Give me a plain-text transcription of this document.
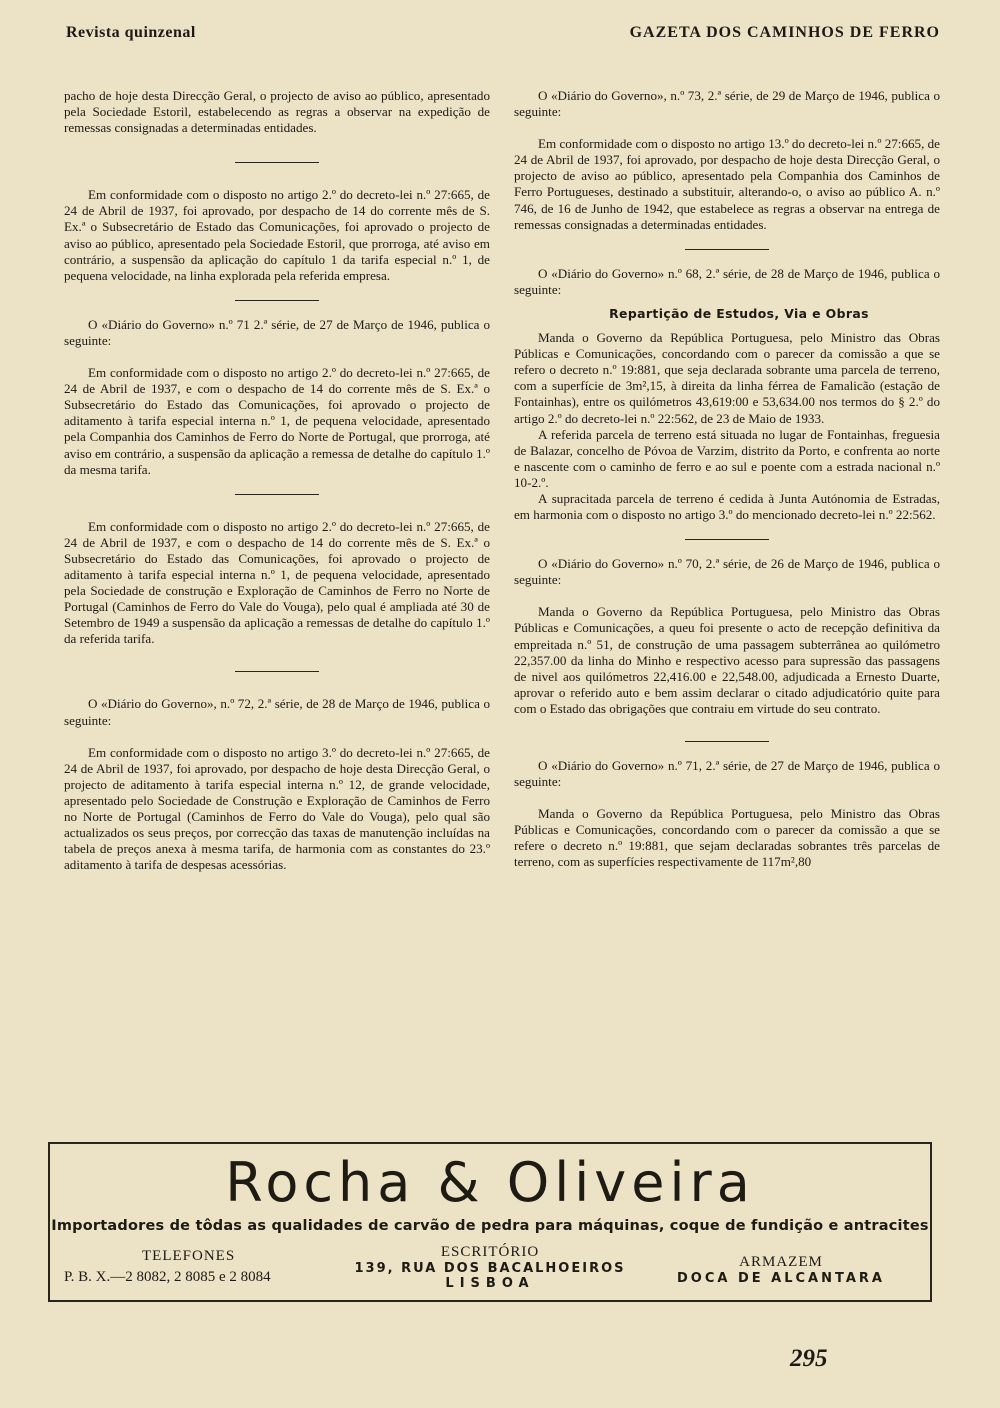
Revista quinzenal	GAZETA DOS CAMINHOS DE FERRO

pacho de hoje desta Direcção Geral, o projecto de aviso ao público, apresentado pela Sociedade Estoril, estabelecendo as regras a observar na expedição de remessas consignadas a determinadas entidades.

Em conformidade com o disposto no artigo 2.º do decreto-lei n.º 27:665, de 24 de Abril de 1937, foi aprovado, por despacho de 14 do corrente mês de S. Ex.ª o Subsecretário de Estado das Comunicações, foi aprovado o projecto de aviso ao público, apresentado pela Sociedade Estoril, que prorroga, até aviso em contrário, a suspensão da aplicação do capítulo 1 da tarifa especial n.º 1, de pequena velocidade, na linha explorada pela referida empresa.

O «Diário do Governo» n.º 71 2.ª série, de 27 de Março de 1946, publica o seguinte:

Em conformidade com o disposto no artigo 2.º do decreto-lei n.º 27:665, de 24 de Abril de 1937, e com o despacho de 14 do corrente mês de S. Ex.ª o Subsecretário do Estado das Comunicações, foi aprovado o projecto de aditamento à tarifa especial interna n.º 1, de pequena velocidade, apresentado pela Companhia dos Caminhos de Ferro do Norte de Portugal, que prorroga, até aviso em contrário, a suspensão da aplicação a remessa de detalhe do capítulo 1.º da mesma tarifa.

Em conformidade com o disposto no artigo 2.º do decreto-lei n.º 27:665, de 24 de Abril de 1937, e com o despacho de 14 do corrente mês de S. Ex.ª o Subsecretário do Estado das Comunicações, foi aprovado o projecto de aditamento à tarifa especial interna n.º 1, de pequena velocidade, apresentado pela Sociedade de construção e Exploração de Caminhos de Ferro no Norte de Portugal (Caminhos de Ferro do Vale do Vouga), pelo qual é ampliada até 30 de Setembro de 1949 a suspensão da aplicação a remessas de detalhe do capítulo 1.º da referida tarifa.

O «Diário do Governo», n.º 72, 2.ª série, de 28 de Março de 1946, publica o seguinte:

Em conformidade com o disposto no artigo 3.º do decreto-lei n.º 27:665, de 24 de Abril de 1937, foi aprovado, por despacho de hoje desta Direcção Geral, o projecto de aditamento à tarifa especial interna n.º 12, de grande velocidade, apresentado pelo Sociedade de Construção e Exploração de Caminhos de Ferro no Norte de Portugal (Caminhos de Ferro do Vale do Vouga), pelo qual são actualizados os seus preços, por correcção das taxas de manutenção incluídas na tabela de preços anexa à mesma tarifa, de harmonia com as constantes do 23.º aditamento à tarifa de despesas acessórias.

O «Diário do Governo», n.º 73, 2.ª série, de 29 de Março de 1946, publica o seguinte:

Em conformidade com o disposto no artigo 13.º do decreto-lei n.º 27:665, de 24 de Abril de 1937, foi aprovado, por despacho de hoje desta Direcção Geral, o projecto de aviso ao público, apresentado pela Companhia dos Caminhos de Ferro Portugueses, destinado a substituir, alterando-o, o aviso ao público A. n.º 746, de 16 de Junho de 1942, que estabelece as regras a observar na entrega de remessas consignadas a determinadas entidades.

O «Diário do Governo» n.º 68, 2.ª série, de 28 de Março de 1946, publica o seguinte:

Repartição de Estudos, Via e Obras

Manda o Governo da República Portuguesa, pelo Ministro das Obras Públicas e Comunicações, concordando com o parecer da comissão a que se refero o decreto n.º 19:881, que seja declarada sobrante uma parcela de terreno, com a superfície de 3m²,15, à direita da linha férrea de Famalicão (estação de Fontainhas), entre os quilómetros 43,619:00 e 53,634.00 nos termos do § 2.º do artigo 2.º do decreto-lei n.º 22:562, de 23 de Maio de 1933.

A referida parcela de terreno está situada no lugar de Fontainhas, freguesia de Balazar, concelho de Póvoa de Varzim, distrito da Porto, e confrenta ao norte e nascente com o caminho de ferro e ao sul e poente com a estrada nacional n.º 10-2.º.

A supracitada parcela de terreno é cedida à Junta Autónomia de Estradas, em harmonia com o disposto no artigo 3.º do mencionado decreto-lei n.º 22:562.

O «Diário do Governo» n.º 70, 2.ª série, de 26 de Março de 1946, publica o seguinte:

Manda o Governo da República Portuguesa, pelo Ministro das Obras Públicas e Comunicações, a queu foi presente o acto de recepção definitiva da empreitada n.º 51, de construção de uma passagem subterrânea ao quilómetro 22,357.00 da linha do Minho e respectivo acesso para supressão das passagens de nivel aos quilómetros 22,416.00 e 22,548.00, adjudicada a Ernesto Duarte, aprovar o referido auto e bem assim declarar o citado adjudicatório quite para com o Estado das obrigações que contraiu em virtude do seu contrato.

O «Diário do Governo» n.º 71, 2.ª série, de 27 de Março de 1946, publica o seguinte:

Manda o Governo da República Portuguesa, pelo Ministro das Obras Públicas e Comunicações, concordando com o parecer da comissão a que se refere o decreto n.º 19:881, que sejam declaradas sobrantes três parcelas de terreno, com as superfícies respectivamente de 117m²,80

Rocha & Oliveira
Importadores de tôdas as qualidades de carvão de pedra para máquinas, coque de fundição e antracites
TELEFONES
P. B. X.—2 8082, 2 8085 e 2 8084
ESCRITÓRIO
139, RUA DOS BACALHOEIROS
LISBOA
ARMAZEM
DOCA DE ALCANTARA
295
